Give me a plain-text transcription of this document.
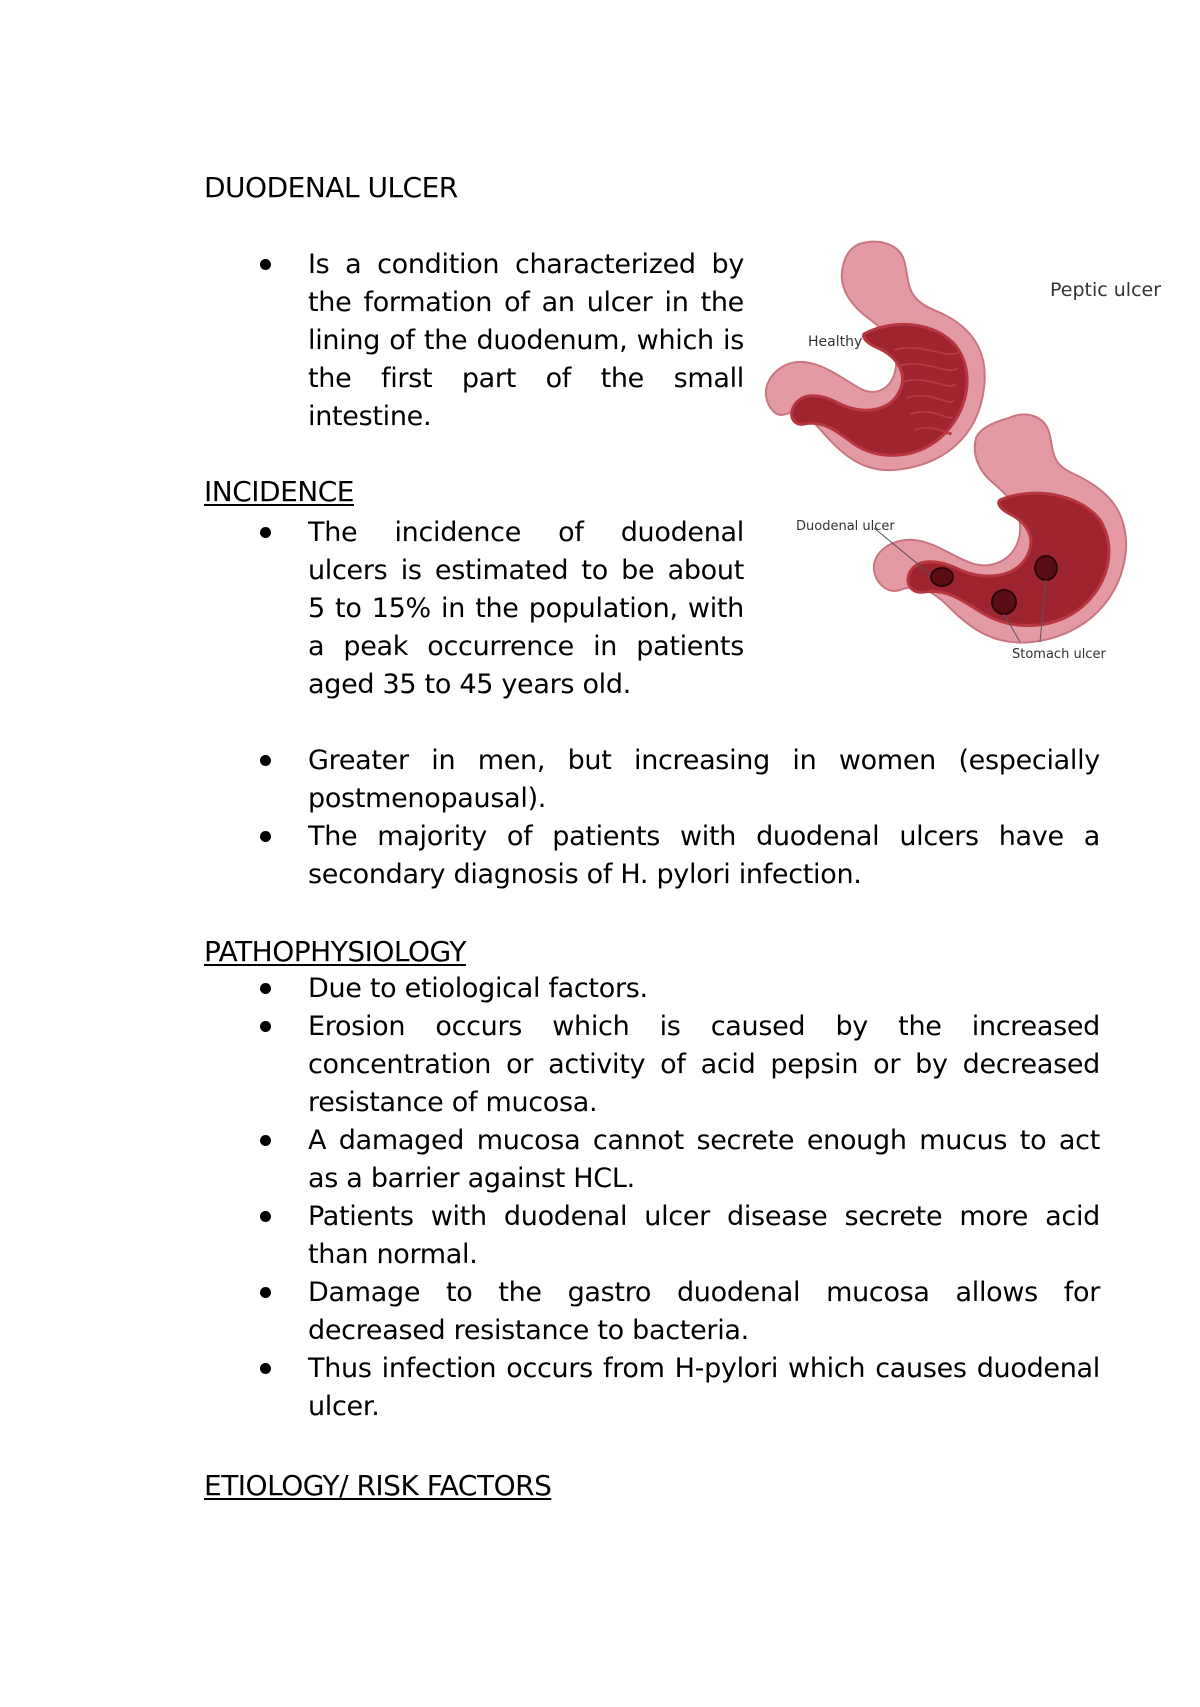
DUODENAL ULCER
Is a condition characterized by the formation of an ulcer in the lining of the duodenum, which is the first part of the small intestine.
INCIDENCE
The incidence of duodenal ulcers is estimated to be about 5 to 15% in the population, with a peak occurrence in patients aged 35 to 45 years old.
Greater in men, but increasing in women (especially postmenopausal).
The majority of patients with duodenal ulcers have a secondary diagnosis of H. pylori infection.
PATHOPHYSIOLOGY
Due to etiological factors.
Erosion occurs which is caused by the increased concentration or activity of acid pepsin or by decreased resistance of mucosa.
A damaged mucosa cannot secrete enough mucus to act as a barrier against HCL.
Patients with duodenal ulcer disease secrete more acid than normal.
Damage to the gastro duodenal mucosa allows for decreased resistance to bacteria.
Thus infection occurs from H-pylori which causes duodenal ulcer.
ETIOLOGY/ RISK FACTORS
Peptic ulcer
Healthy
Duodenal ulcer
Stomach ulcer
